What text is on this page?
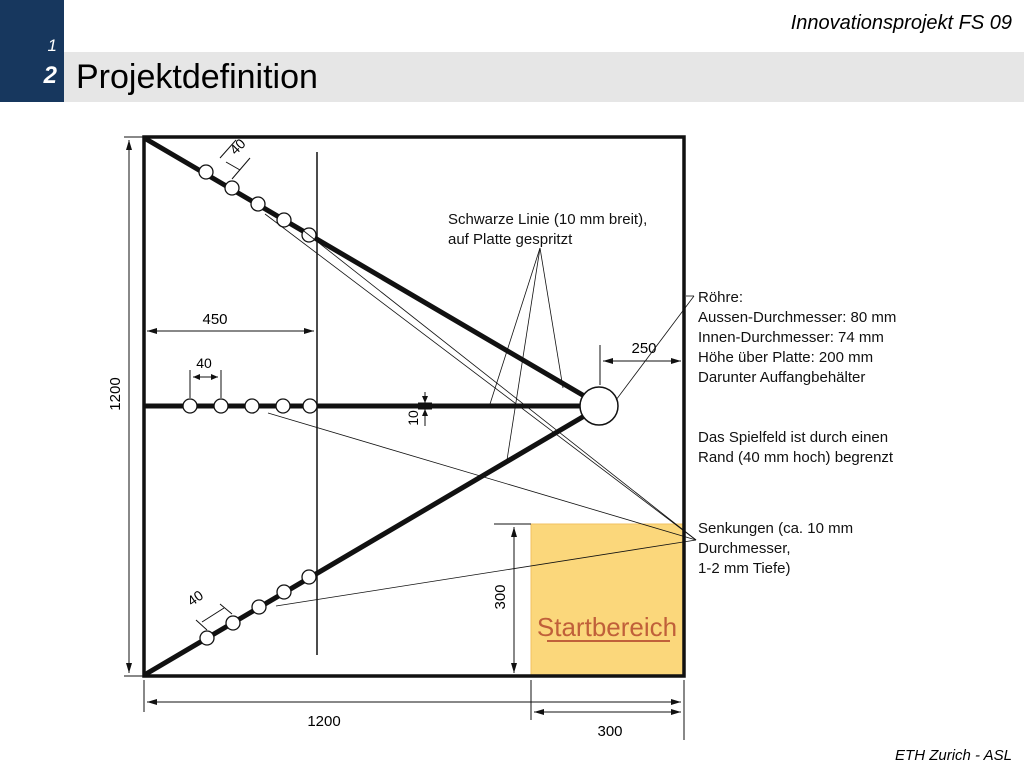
1
2 Projektdefinition
Innovationsprojekt FS 09
ETH Zurich - ASL
Startbereich
1200
1200
300
300
450
250
10
40
40
40
Schwarze Linie (10 mm breit),
auf Platte gespritzt
Röhre:
Aussen-Durchmesser: 80 mm
Innen-Durchmesser: 74 mm
Höhe über Platte: 200 mm
Darunter Auffangbehälter
Das Spielfeld ist durch einen
Rand (40 mm hoch) begrenzt
Senkungen (ca. 10 mm
Durchmesser,
1-2 mm Tiefe)
